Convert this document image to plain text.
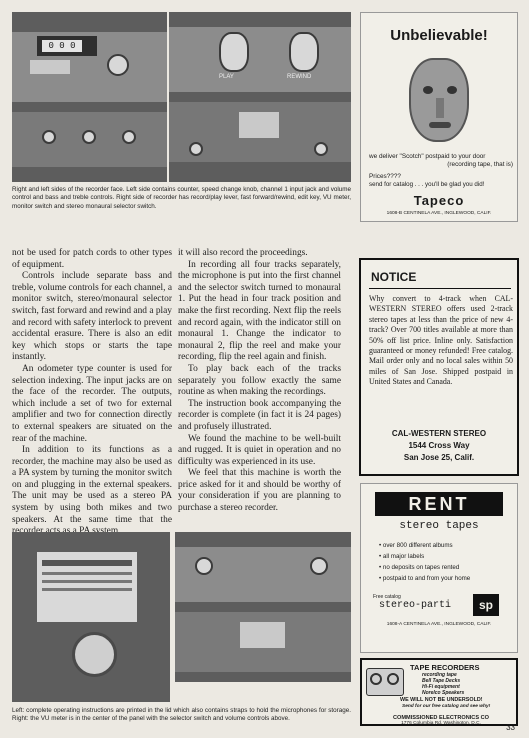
0 0 0
PLAY	REWIND
Right and left sides of the recorder face. Left side contains counter, speed change knob, channel 1 input jack and volume control and bass and treble controls. Right side of recorder has record/play lever, fast forward/rewind, edit key, VU meter, monitor switch and stereo monaural selector switch.

not be used for patch cords to other types of equipment.

Controls include separate bass and treble, volume controls for each channel, a monitor switch, stereo/monaural selector switch, fast forward and rewind and a play and record with safety interlock to prevent accidental erasure. There is also an edit key which stops or starts the tape instantly.

An odometer type counter is used for selection indexing. The input jacks are on the face of the recorder. The outputs, which include a set of two for external amplifier and two for connection directly to external speakers are situated on the rear of the machine.

In addition to its functions as a recorder, the machine may also be used as a PA system by turning the monitor switch on and plugging in the external speakers. The unit may be used as a stereo PA system by using both mikes and two speakers. At the same time that the

it will also record the proceedings.

In recording all four tracks separately, the microphone is put into the first channel and the selector switch turned to monaural 1. Put the head in four track position and make the first recording. Next flip the reels and record again, with the indicator still on monaural 1. Change the indicator to monaural 2, flip the reel and make your recording, flip the reel again and finish.

To play back each of the tracks separately you follow exactly the same routine as when making the recordings.

The instruction book accompanying the recorder is complete (in fact it is 24 pages) and profusely illustrated.

We found the machine to be well-built and rugged. It is quiet in operation and no difficulty was experienced in its use.

We feel that this machine is worth the price asked for it and should be worthy of your consideration if you are planning to purchase a stereo recorder.

Left: complete operating instructions are printed in the lid which also contains straps to hold the microphones for storage. Right: the VU meter is in the center of the panel with the selector switch and volume controls above.
Unbelievable!
we deliver "Scotch" postpaid to your door
(recording tape, that is)
Prices????
send for catalog . . . you'll be glad you did!
Tapeco
1608-B CENTINELA AVE., INGLEWOOD, CALIF.
NOTICE
Why convert to 4-track when CAL-WESTERN STEREO offers used 2-track stereo tapes at less than the price of new 4-track? Over 700 titles available at more than 50% off list price. Inline only. Satisfaction guaranteed or money refunded! Free catalog. Mail order only and no local sales within 50 miles of San Jose. Shipped postpaid in United States and Canada.
CAL-WESTERN STEREO
1544 Cross Way
San Jose 25, Calif.
RENT
stereo tapes
• over 800 different albums
• all major labels
• no deposits on tapes rented
• postpaid to and from your home
Free catalog
stereo-parti	sp
1608-A CENTINELA AVE., INGLEWOOD, CALIF.
TAPE RECORDERS
recording tape
Bell Tape Decks
Hi-Fi equipment
Norelco Speakers
WE WILL NOT BE UNDERSOLD!
Send for our free catalog and see why!
COMMISSIONED ELECTRONICS CO
1776 Columbia Rd. Washington, D.C.	33
